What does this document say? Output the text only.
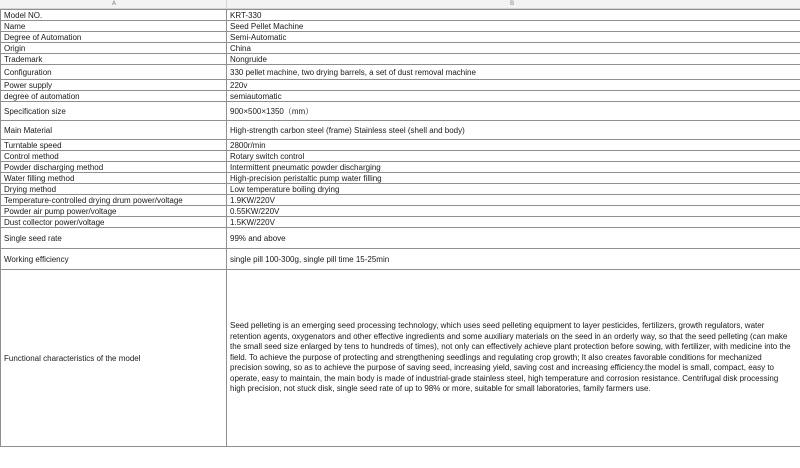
A	B
Model NO.	KRT-330
Name	Seed Pellet Machine
Degree of Automation	Semi-Automatic
Origin	China
Trademark	Nongruide
Configuration	330 pellet machine, two drying barrels, a set of dust removal machine
Power supply	220v
degree of automation	semiautomatic
Specification size	900×500×1350（mm）
Main Material	High-strength carbon steel (frame) Stainless steel (shell and body)
Turntable speed	2800r/min
Control method	Rotary switch control
Powder discharging method	Intermittent pneumatic powder discharging
Water filling method	High-precision peristaltic pump water filling
Drying method	Low temperature boiling drying
Temperature-controlled drying drum power/voltage	1.9KW/220V
Powder air pump power/voltage	0.55KW/220V
Dust collector power/voltage	1.5KW/220V
Single seed rate	99% and above
Working efficiency	single pill 100-300g, single pill time 15-25min
Functional characteristics of the model	Seed pelleting is an emerging seed processing technology, which uses seed pelleting equipment to layer pesticides, fertilizers, growth regulators, water retention agents, oxygenators and other effective ingredients and some auxiliary materials on the seed in an orderly way, so that the seed pelleting (can make the small seed size enlarged by tens to hundreds of times), not only can effectively achieve plant protection before sowing, with fertilizer, with medicine into the field. To achieve the purpose of protecting and strengthening seedlings and regulating crop growth; It also creates favorable conditions for mechanized precision sowing, so as to achieve the purpose of saving seed, increasing yield, saving cost and increasing efficiency.the model is small, compact, easy to operate, easy to maintain, the main body is made of industrial-grade stainless steel, high temperature and corrosion resistance. Centrifugal disk processing high precision, not stuck disk, single seed rate of up to 98% or more, suitable for small laboratories, family farmers use.
